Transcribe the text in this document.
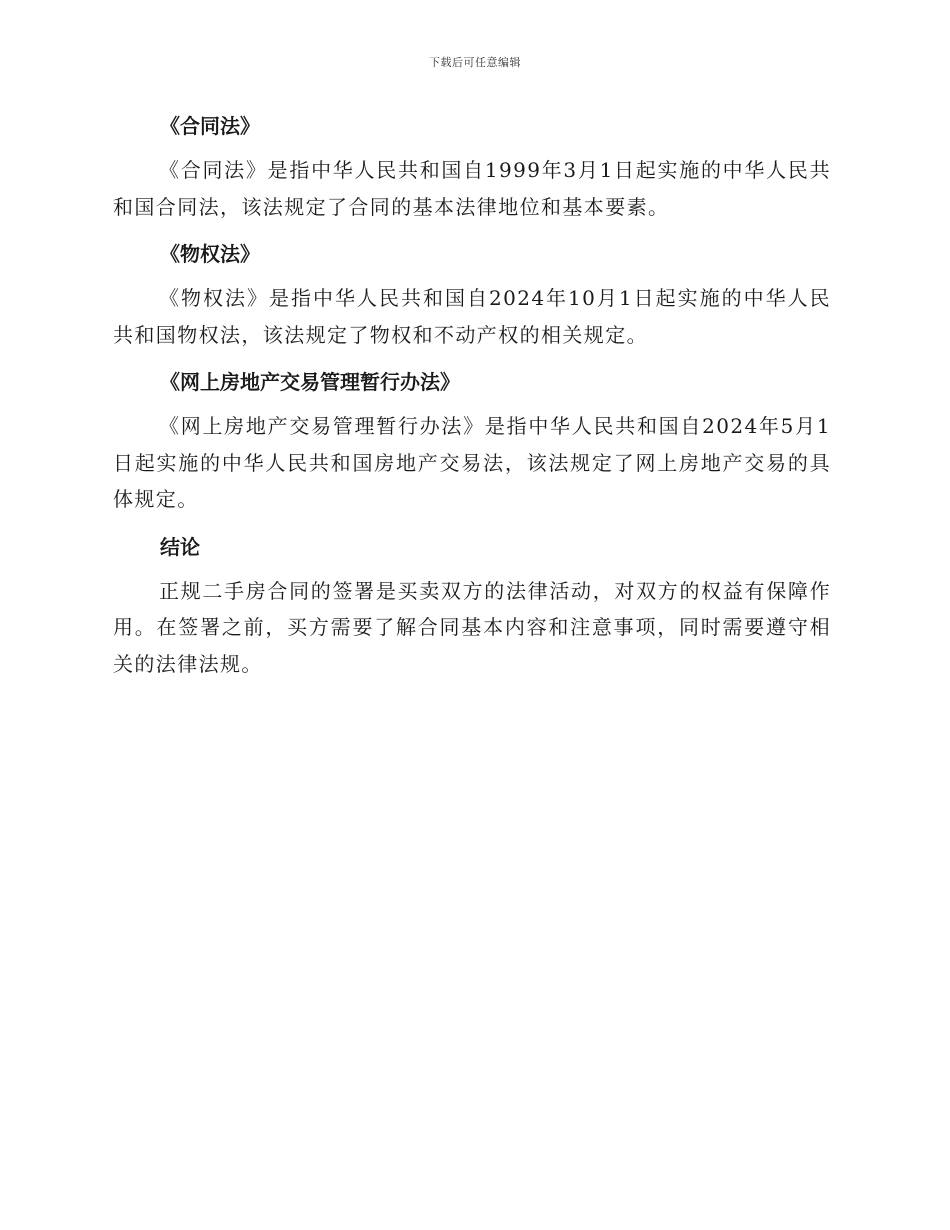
下载后可任意编辑

《合同法》

《合同法》是指中华人民共和国自1999年3月1日起实施的中华人民共和国合同法，该法规定了合同的基本法律地位和基本要素。

《物权法》

《物权法》是指中华人民共和国自2024年10月1日起实施的中华人民共和国物权法，该法规定了物权和不动产权的相关规定。

《网上房地产交易管理暂行办法》

《网上房地产交易管理暂行办法》是指中华人民共和国自2024年5月1日起实施的中华人民共和国房地产交易法，该法规定了网上房地产交易的具体规定。

结论

正规二手房合同的签署是买卖双方的法律活动，对双方的权益有保障作用。在签署之前，买方需要了解合同基本内容和注意事项，同时需要遵守相关的法律法规。
